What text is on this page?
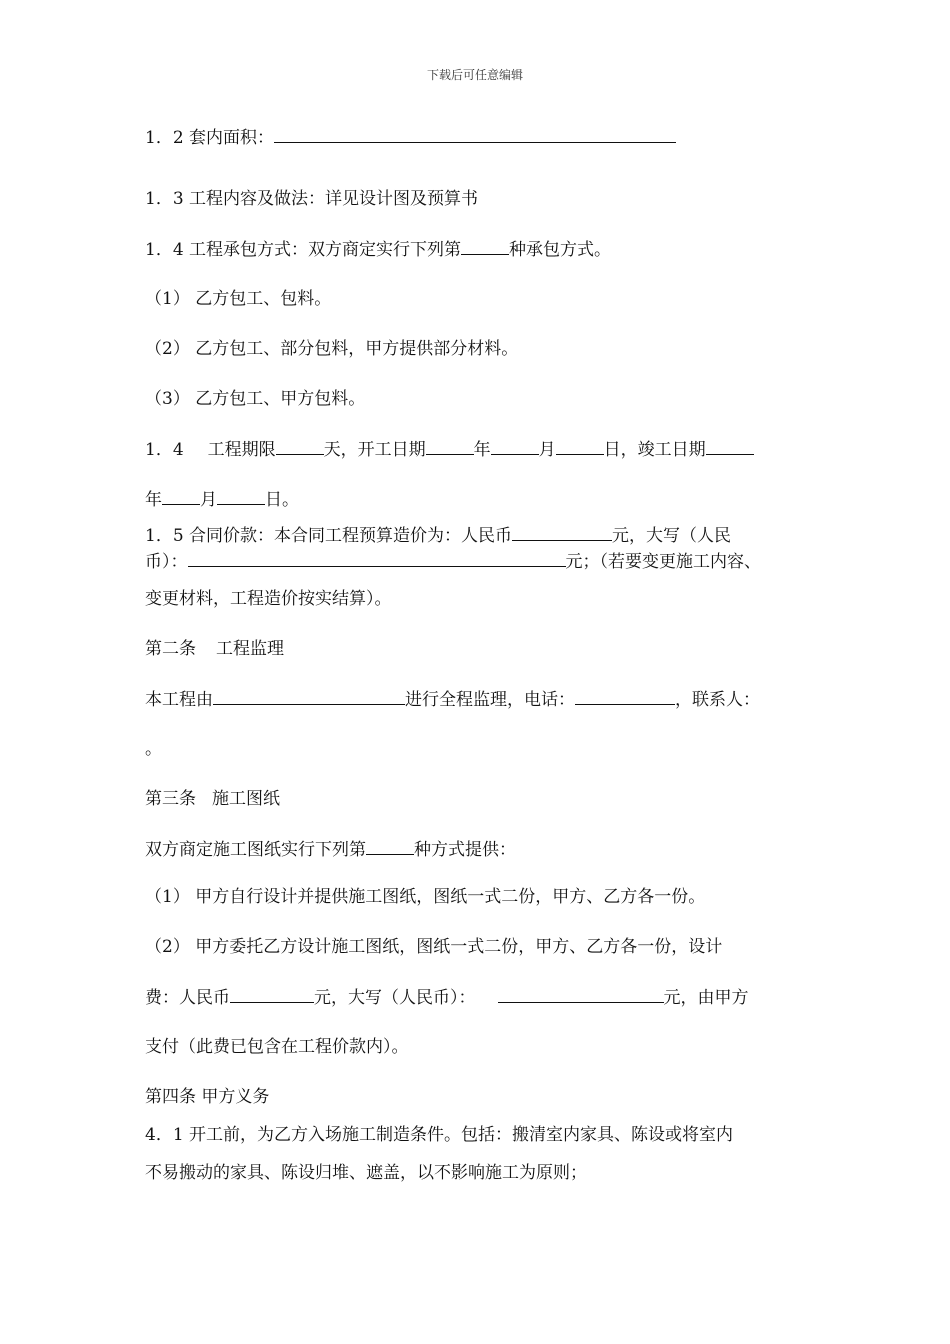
下载后可任意编辑
1．2 套内面积：
1．3 工程内容及做法：详见设计图及预算书
1．4 工程承包方式：双方商定实行下列第	种承包方式。
（1） 乙方包工、包料。
（2） 乙方包工、部分包料，甲方提供部分材料。
（3） 乙方包工、甲方包料。
1．4 工程期限	天，开工日期	年	月	日，竣工日期
年 月	日。
1．5 合同价款：本合同工程预算造价为：人民币	元，大写（人民
币）：	元；（若要变更施工内容、
变更材料，工程造价按实结算）。
第二条 工程监理
本工程由	进行全程监理，电话：	，联系人：
。
第三条 施工图纸
双方商定施工图纸实行下列第	种方式提供：
（1） 甲方自行设计并提供施工图纸，图纸一式二份，甲方、乙方各一份。
（2） 甲方委托乙方设计施工图纸，图纸一式二份，甲方、乙方各一份，设计
费：人民币	元，大写（人民币）：	元，由甲方
支付（此费已包含在工程价款内）。
第四条 甲方义务
4．1 开工前，为乙方入场施工制造条件。包括：搬清室内家具、陈设或将室内
不易搬动的家具、陈设归堆、遮盖，以不影响施工为原则；
